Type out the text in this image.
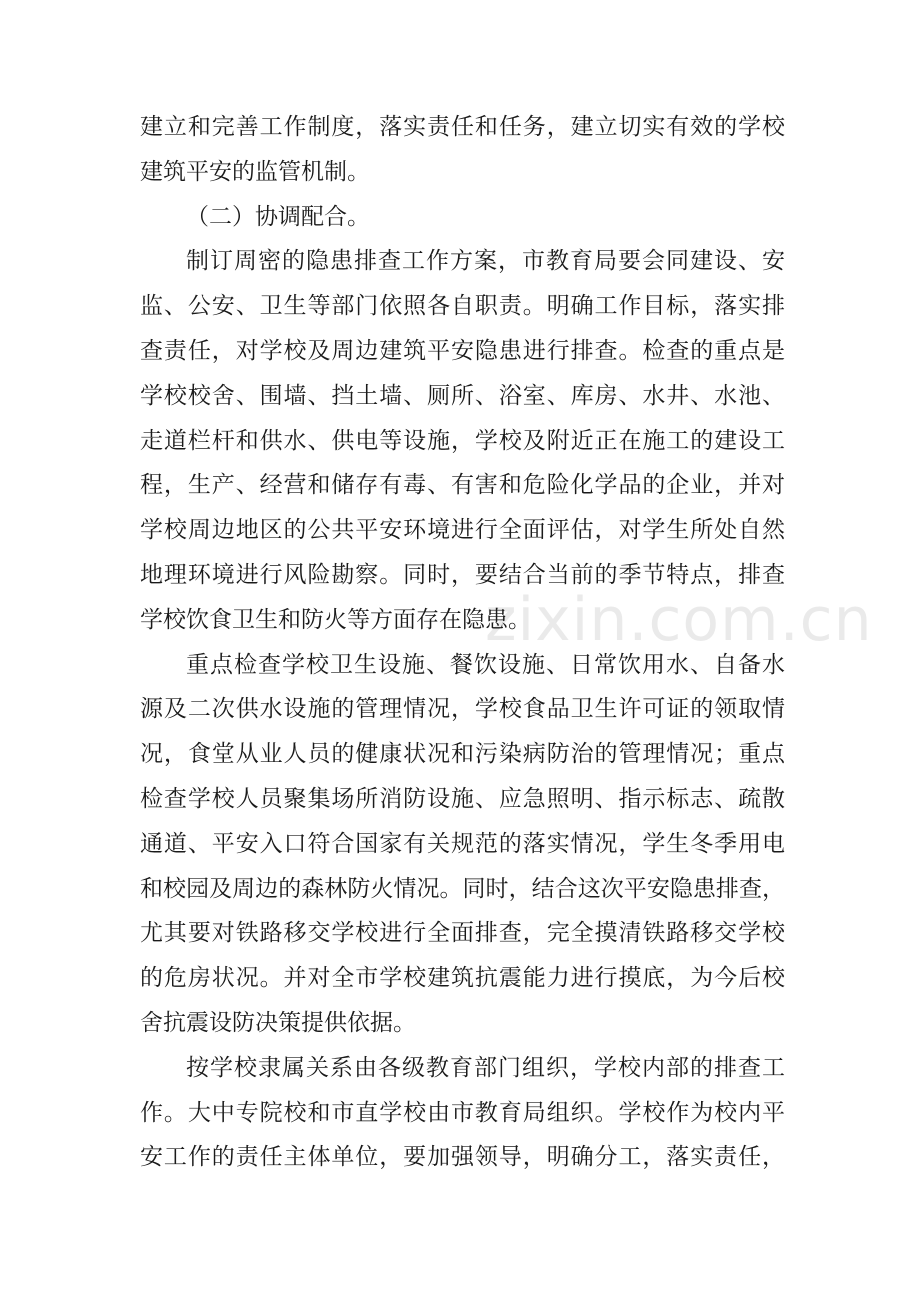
建立和完善工作制度，落实责任和任务，建立切实有效的学校
建筑平安的监管机制。
（二）协调配合。
制订周密的隐患排查工作方案，市教育局要会同建设、安
监、公安、卫生等部门依照各自职责。明确工作目标，落实排
查责任，对学校及周边建筑平安隐患进行排查。检查的重点是
学校校舍、围墙、挡土墙、厕所、浴室、库房、水井、水池、
走道栏杆和供水、供电等设施，学校及附近正在施工的建设工
程，生产、经营和储存有毒、有害和危险化学品的企业，并对
学校周边地区的公共平安环境进行全面评估，对学生所处自然
地理环境进行风险勘察。同时，要结合当前的季节特点，排查
学校饮食卫生和防火等方面存在隐患。
重点检查学校卫生设施、餐饮设施、日常饮用水、自备水
源及二次供水设施的管理情况，学校食品卫生许可证的领取情
况，食堂从业人员的健康状况和污染病防治的管理情况；重点
检查学校人员聚集场所消防设施、应急照明、指示标志、疏散
通道、平安入口符合国家有关规范的落实情况，学生冬季用电
和校园及周边的森林防火情况。同时，结合这次平安隐患排查，
尤其要对铁路移交学校进行全面排查，完全摸清铁路移交学校
的危房状况。并对全市学校建筑抗震能力进行摸底，为今后校
舍抗震设防决策提供依据。
按学校隶属关系由各级教育部门组织，学校内部的排查工
作。大中专院校和市直学校由市教育局组织。学校作为校内平
安工作的责任主体单位，要加强领导，明确分工，落实责任，
zixin.com.cn
